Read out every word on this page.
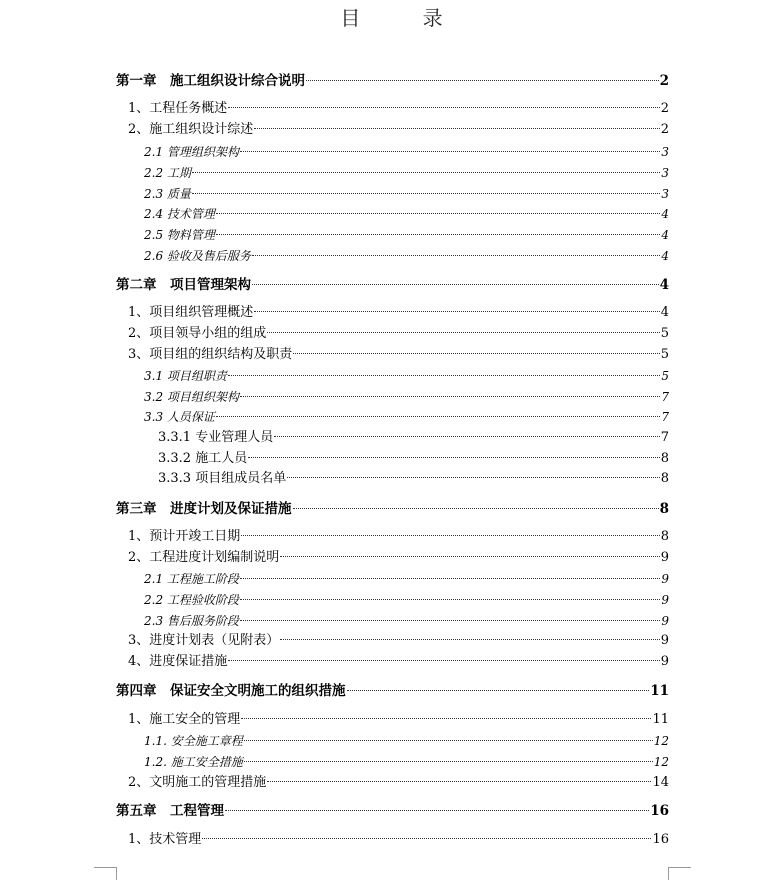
目 录
第一章　施工组织设计综合说明	2
1、工程任务概述	2
2、施工组织设计综述	2
2.1 管理组织架构	3
2.2 工期	3
2.3 质量	3
2.4 技术管理	4
2.5 物料管理	4
2.6 验收及售后服务	4
第二章　项目管理架构	4
1、项目组织管理概述	4
2、项目领导小组的组成	5
3、项目组的组织结构及职责	5
3.1 项目组职责	5
3.2 项目组织架构	7
3.3 人员保证	7
3.3.1 专业管理人员	7
3.3.2 施工人员	8
3.3.3 项目组成员名单	8
第三章　进度计划及保证措施	8
1、预计开竣工日期	8
2、工程进度计划编制说明	9
2.1 工程施工阶段	9
2.2 工程验收阶段	9
2.3 售后服务阶段	9
3、进度计划表（见附表）	9
4、进度保证措施	9
第四章　保证安全文明施工的组织措施	11
1、施工安全的管理	11
1.1. 安全施工章程	12
1.2. 施工安全措施	12
2、文明施工的管理措施	14
第五章　工程管理	16
1、技术管理	16
